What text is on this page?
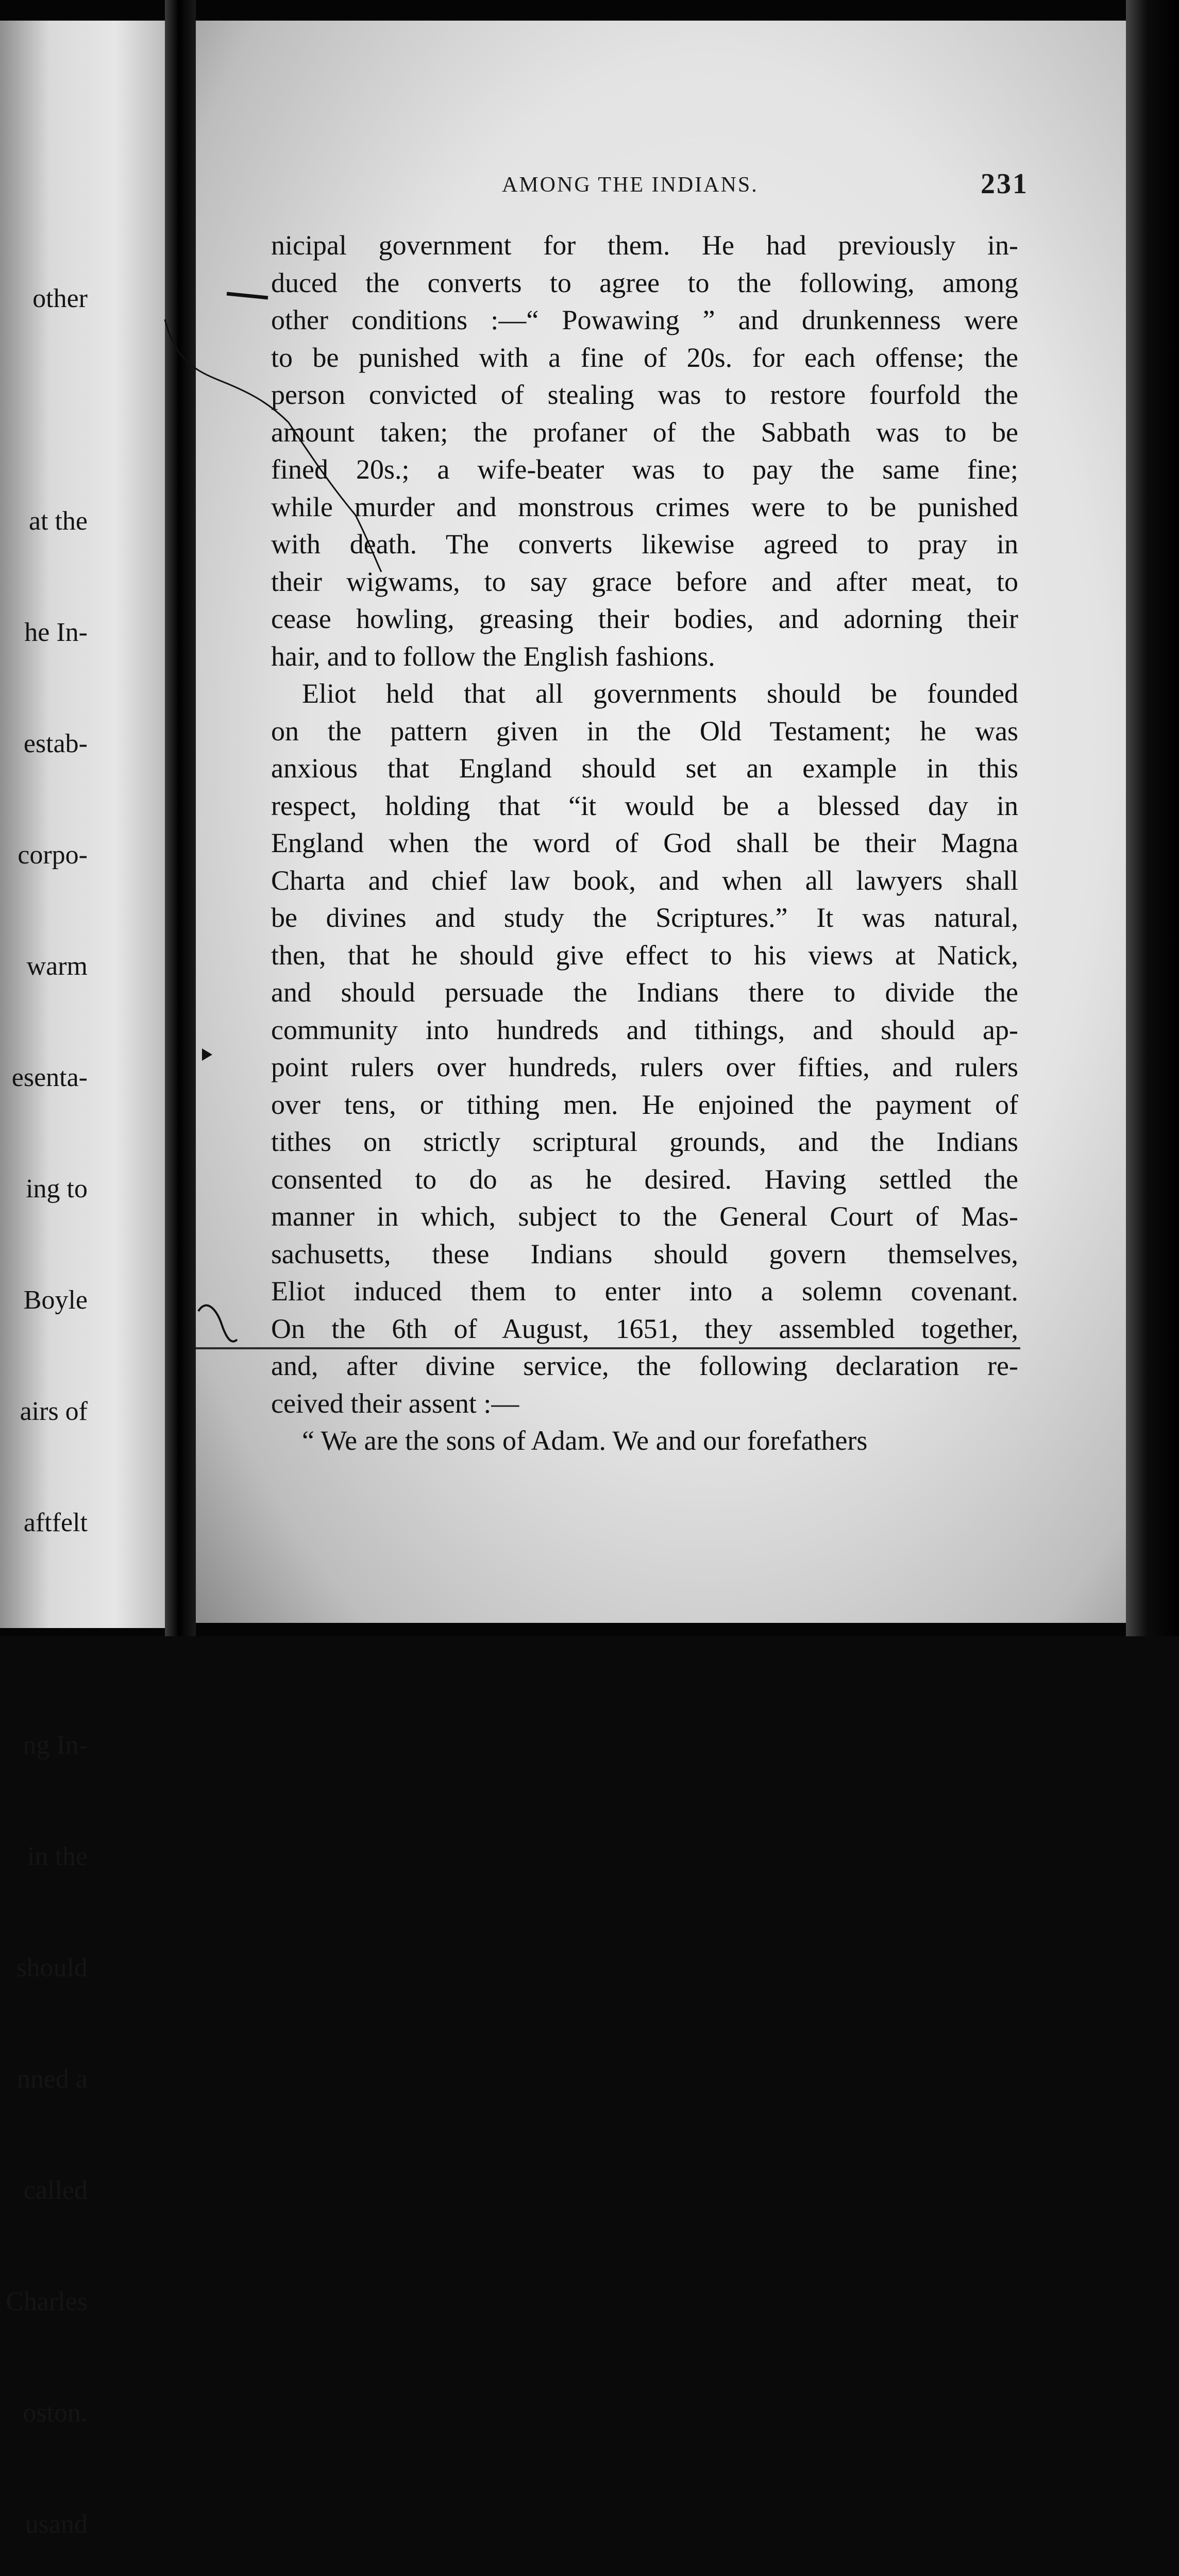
other

at the

he In-

estab-

corpo-

warm

esenta-

ing to

Boyle

airs of

aftfelt

ng In-

in the

should

nned a

called

Charles

oston.

usand

AMONG THE INDIANS.	231
nicipal government for them. He had previously in-
duced the converts to agree to the following, among
other conditions :—“ Powawing ” and drunkenness were
to be punished with a fine of 20s. for each offense; the
person convicted of stealing was to restore fourfold the
amount taken; the profaner of the Sabbath was to be
fined 20s.; a wife-beater was to pay the same fine;
while murder and monstrous crimes were to be punished
with death. The converts likewise agreed to pray in
their wigwams, to say grace before and after meat, to
cease howling, greasing their bodies, and adorning their
hair, and to follow the English fashions.
Eliot held that all governments should be founded
on the pattern given in the Old Testament; he was
anxious that England should set an example in this
respect, holding that “it would be a blessed day in
England when the word of God shall be their Magna
Charta and chief law book, and when all lawyers shall
be divines and study the Scriptures.” It was natural,
then, that he should give effect to his views at Natick,
and should persuade the Indians there to divide the
community into hundreds and tithings, and should ap-
point rulers over hundreds, rulers over fifties, and rulers
over tens, or tithing men. He enjoined the payment of
tithes on strictly scriptural grounds, and the Indians
consented to do as he desired. Having settled the
manner in which, subject to the General Court of Mas-
sachusetts, these Indians should govern themselves,
Eliot induced them to enter into a solemn covenant.
On the 6th of August, 1651, they assembled together,
and, after divine service, the following declaration re-
ceived their assent :—
“ We are the sons of Adam. We and our forefathers
